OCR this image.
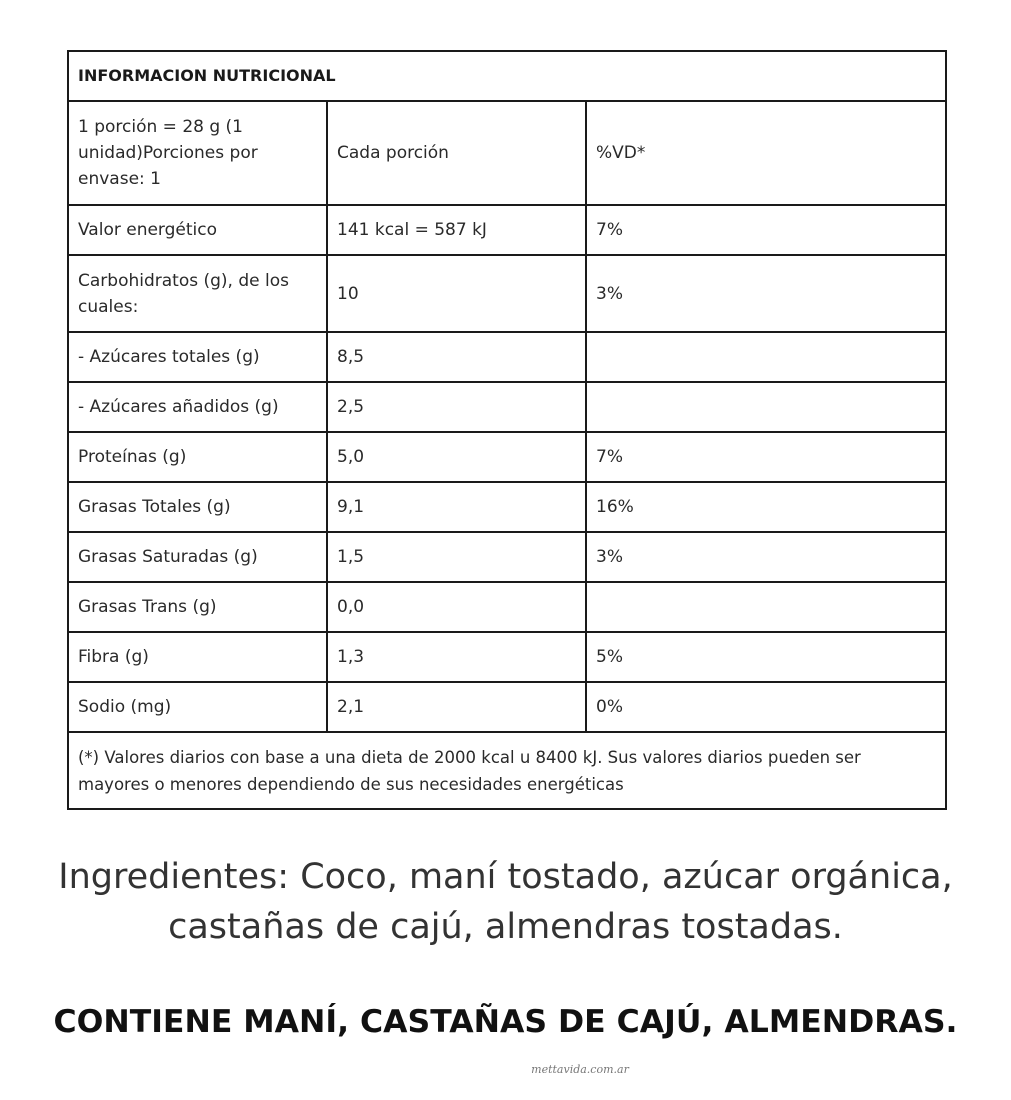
INFORMACION NUTRICIONAL		
1 porción = 28 g (1 unidad)Porciones por envase: 1	Cada porción	%VD*
Valor energético	141 kcal = 587 kJ	7%
Carbohidratos (g), de los cuales:	10	3%
- Azúcares totales (g)	8,5	
- Azúcares añadidos (g)	2,5	
Proteínas (g)	5,0	7%
Grasas Totales (g)	9,1	16%
Grasas Saturadas (g)	1,5	3%
Grasas Trans (g)	0,0	
Fibra (g)	1,3	5%
Sodio (mg)	2,1	0%
(*) Valores diarios con base a una dieta de 2000 kcal u 8400 kJ. Sus valores diarios pueden ser mayores o menores dependiendo de sus necesidades energéticas		
Ingredientes: Coco, maní tostado, azúcar orgánica,
castañas de cajú, almendras tostadas.
CONTIENE MANÍ, CASTAÑAS DE CAJÚ, ALMENDRAS.
mettavida.com.ar
